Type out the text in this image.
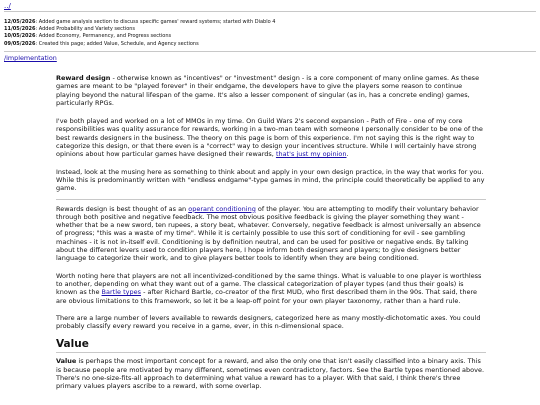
../
12/05/2026: Added game analysis section to discuss specific games' reward systems; started with Diablo 4
11/05/2026: Added Probability and Variety sections
10/05/2026: Added Economy, Permanency, and Progress sections
09/05/2026: Created this page; added Value, Schedule, and Agency sections
/implementation

Reward design - otherwise known as "incentives" or "investment" design - is a core component of many online games. As these games are meant to be "played forever" in their endgame, the developers have to give the players some reason to continue playing beyond the natural lifespan of the game. It's also a lesser component of singular (as in, has a concrete ending) games, particularly RPGs.

I've both played and worked on a lot of MMOs in my time. On Guild Wars 2's second expansion - Path of Fire - one of my core responsibilities was quality assurance for rewards, working in a two-man team with someone I personally consider to be one of the best rewards designers in the business. The theory on this page is born of this experience. I'm not saying this is the right way to categorize this design, or that there even is a "correct" way to design your incentives structure. While I will certainly have strong opinions about how particular games have designed their rewards, that's just my opinion.

Instead, look at the musing here as something to think about and apply in your own design practice, in the way that works for you. While this is predominantly written with "endless endgame"-type games in mind, the principle could theoretically be applied to any game.

Rewards design is best thought of as an operant conditioning of the player. You are attempting to modify their voluntary behavior through both positive and negative feedback. The most obvious positive feedback is giving the player something they want - whether that be a new sword, ten rupees, a story beat, whatever. Conversely, negative feedback is almost universally an absence of progress; "this was a waste of my time". While it is certainly possible to use this sort of conditioning for evil - see gambling machines - it is not in-itself evil. Conditioning is by definition neutral, and can be used for positive or negative ends. By talking about the different levers used to condition players here, I hope inform both designers and players; to give designers better language to categorize their work, and to give players better tools to identify when they are being conditioned.

Worth noting here that players are not all incentivized-conditioned by the same things. What is valuable to one player is worthless to another, depending on what they want out of a game. The classical categorization of player types (and thus their goals) is known as the Bartle types - after Richard Bartle, co-creator of the first MUD, who first described them in the 90s. That said, there are obvious limitations to this framework, so let it be a leap-off point for your own player taxonomy, rather than a hard rule.

There are a large number of levers available to rewards designers, categorized here as many mostly-dichotomatic axes. You could probably classify every reward you receive in a game, ever, in this n-dimensional space.

Value

Value is perhaps the most important concept for a reward, and also the only one that isn't easily classified into a binary axis. This is because people are motivated by many different, sometimes even contradictory, factors. See the Bartle types mentioned above. There's no one-size-fits-all approach to determining what value a reward has to a player. With that said, I think there's three primary values players ascribe to a reward, with some overlap.
